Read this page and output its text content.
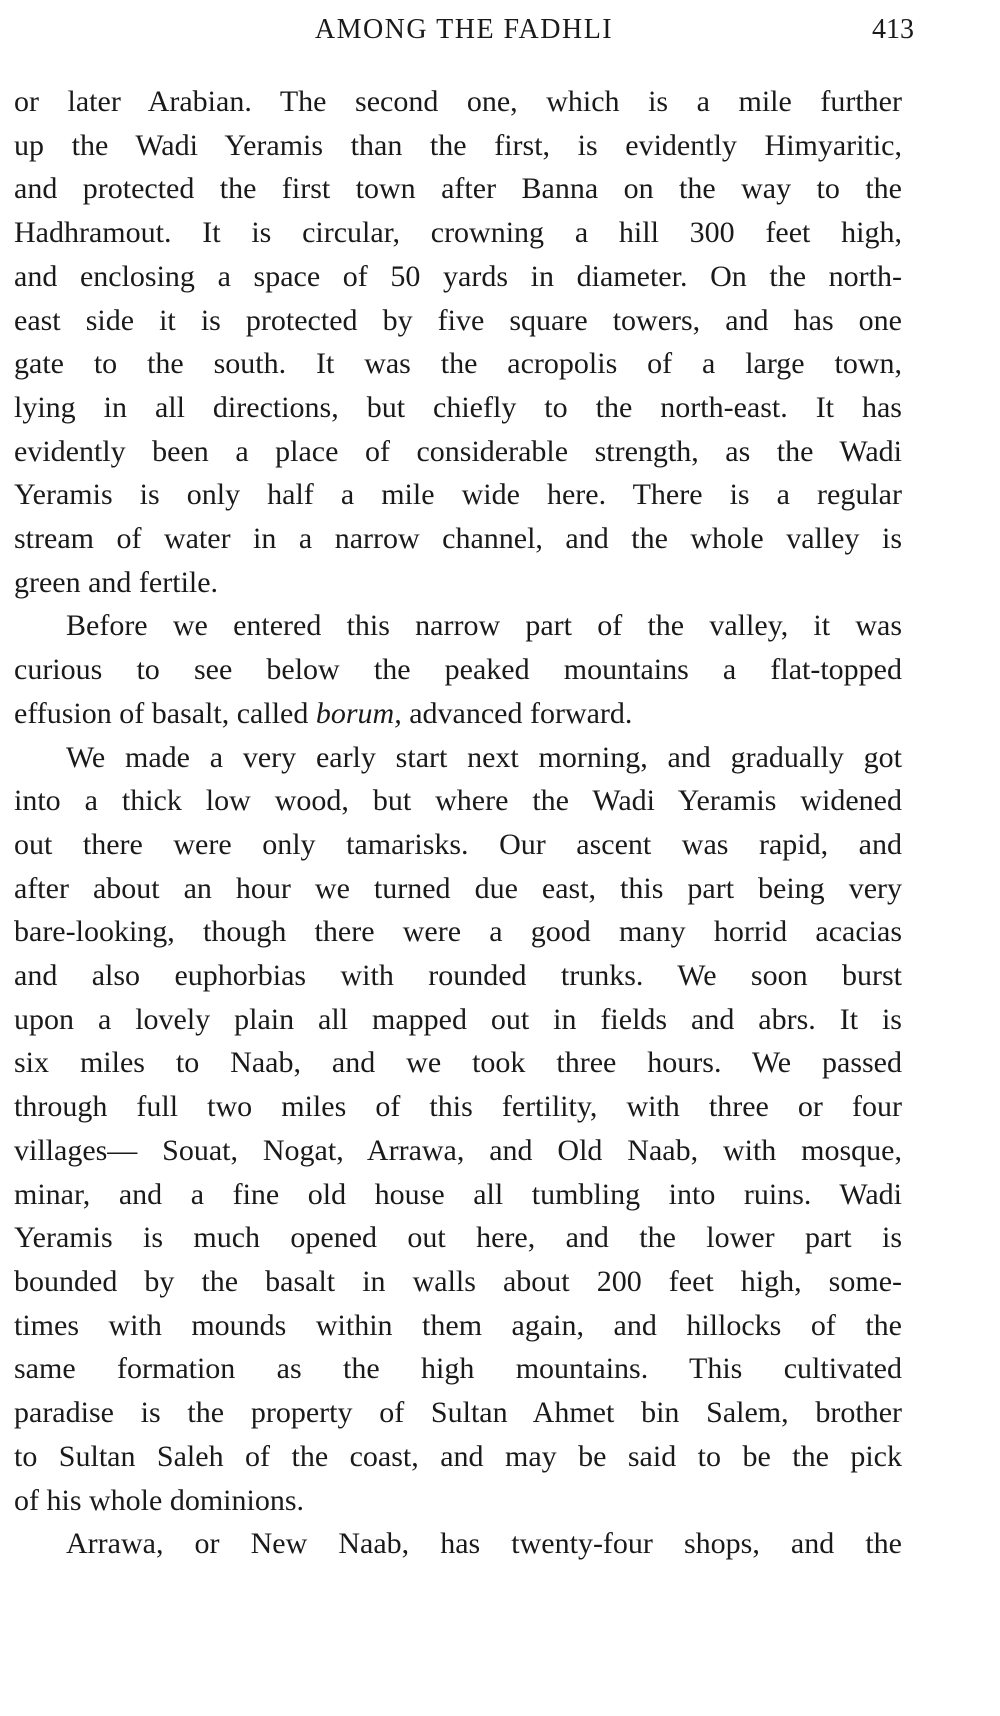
AMONG THE FADHLI	413
or later Arabian. The second one, which is a mile further
up the Wadi Yeramis than the first, is evidently Himyaritic,
and protected the first town after Banna on the way to the
Hadhramout. It is circular, crowning a hill 300 feet high,
and enclosing a space of 50 yards in diameter. On the north-
east side it is protected by five square towers, and has one
gate to the south. It was the acropolis of a large town,
lying in all directions, but chiefly to the north-east. It has
evidently been a place of considerable strength, as the Wadi
Yeramis is only half a mile wide here. There is a regular
stream of water in a narrow channel, and the whole valley is
green and fertile.
Before we entered this narrow part of the valley, it was
curious to see below the peaked mountains a flat-topped
effusion of basalt, called borum, advanced forward.
We made a very early start next morning, and gradually got
into a thick low wood, but where the Wadi Yeramis widened
out there were only tamarisks. Our ascent was rapid, and
after about an hour we turned due east, this part being very
bare-looking, though there were a good many horrid acacias
and also euphorbias with rounded trunks. We soon burst
upon a lovely plain all mapped out in fields and abrs. It is
six miles to Naab, and we took three hours. We passed
through full two miles of this fertility, with three or four
villages— Souat, Nogat, Arrawa, and Old Naab, with mosque,
minar, and a fine old house all tumbling into ruins. Wadi
Yeramis is much opened out here, and the lower part is
bounded by the basalt in walls about 200 feet high, some-
times with mounds within them again, and hillocks of the
same formation as the high mountains. This cultivated
paradise is the property of Sultan Ahmet bin Salem, brother
to Sultan Saleh of the coast, and may be said to be the pick
of his whole dominions.
Arrawa, or New Naab, has twenty-four shops, and the
